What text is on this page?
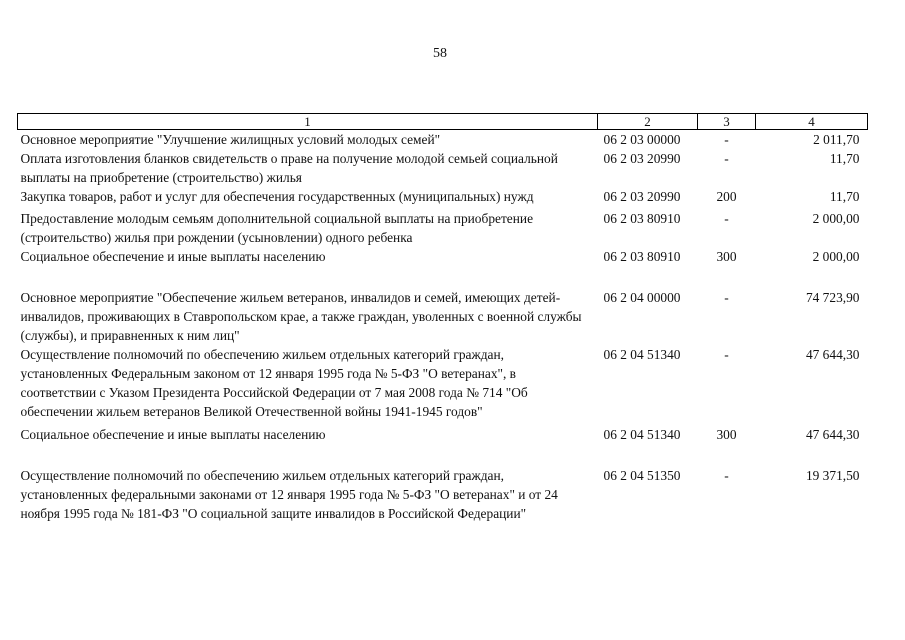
58
1	2	3	4
Основное мероприятие "Улучшение жилищных условий молодых семей"	06 2 03 00000	-	2 011,70
Оплата изготовления бланков свидетельств о праве на получение молодой семьей социальной выплаты на приобретение (строительство) жилья	06 2 03 20990	-	11,70
Закупка товаров, работ и услуг для обеспечения государственных (муниципальных) нужд	06 2 03 20990	200	11,70
Предоставление молодым семьям дополнительной социальной выплаты на приобретение (строительство) жилья при рождении (усыновлении) одного ребенка	06 2 03 80910	-	2 000,00
Социальное обеспечение и иные выплаты населению	06 2 03 80910	300	2 000,00
Основное мероприятие "Обеспечение жильем ветеранов, инвалидов и семей, имеющих детей-инвалидов, проживающих в Ставропольском крае, а также граждан, уволенных с военной службы (службы), и приравненных к ним лиц"	06 2 04 00000	-	74 723,90
Осуществление полномочий по обеспечению жильем отдельных категорий граждан, установленных Федеральным законом от 12 января 1995 года № 5-ФЗ "О ветеранах", в соответствии с Указом Президента Российской Федерации от 7 мая 2008 года № 714 "Об обеспечении жильем ветеранов Великой Отечественной войны 1941-1945 годов"	06 2 04 51340	-	47 644,30
Социальное обеспечение и иные выплаты населению	06 2 04 51340	300	47 644,30
Осуществление полномочий по обеспечению жильем отдельных категорий граждан, установленных федеральными законами от 12 января 1995 года № 5-ФЗ "О ветеранах" и от 24 ноября 1995 года № 181-ФЗ "О социальной защите инвалидов в Российской Федерации"	06 2 04 51350	-	19 371,50
